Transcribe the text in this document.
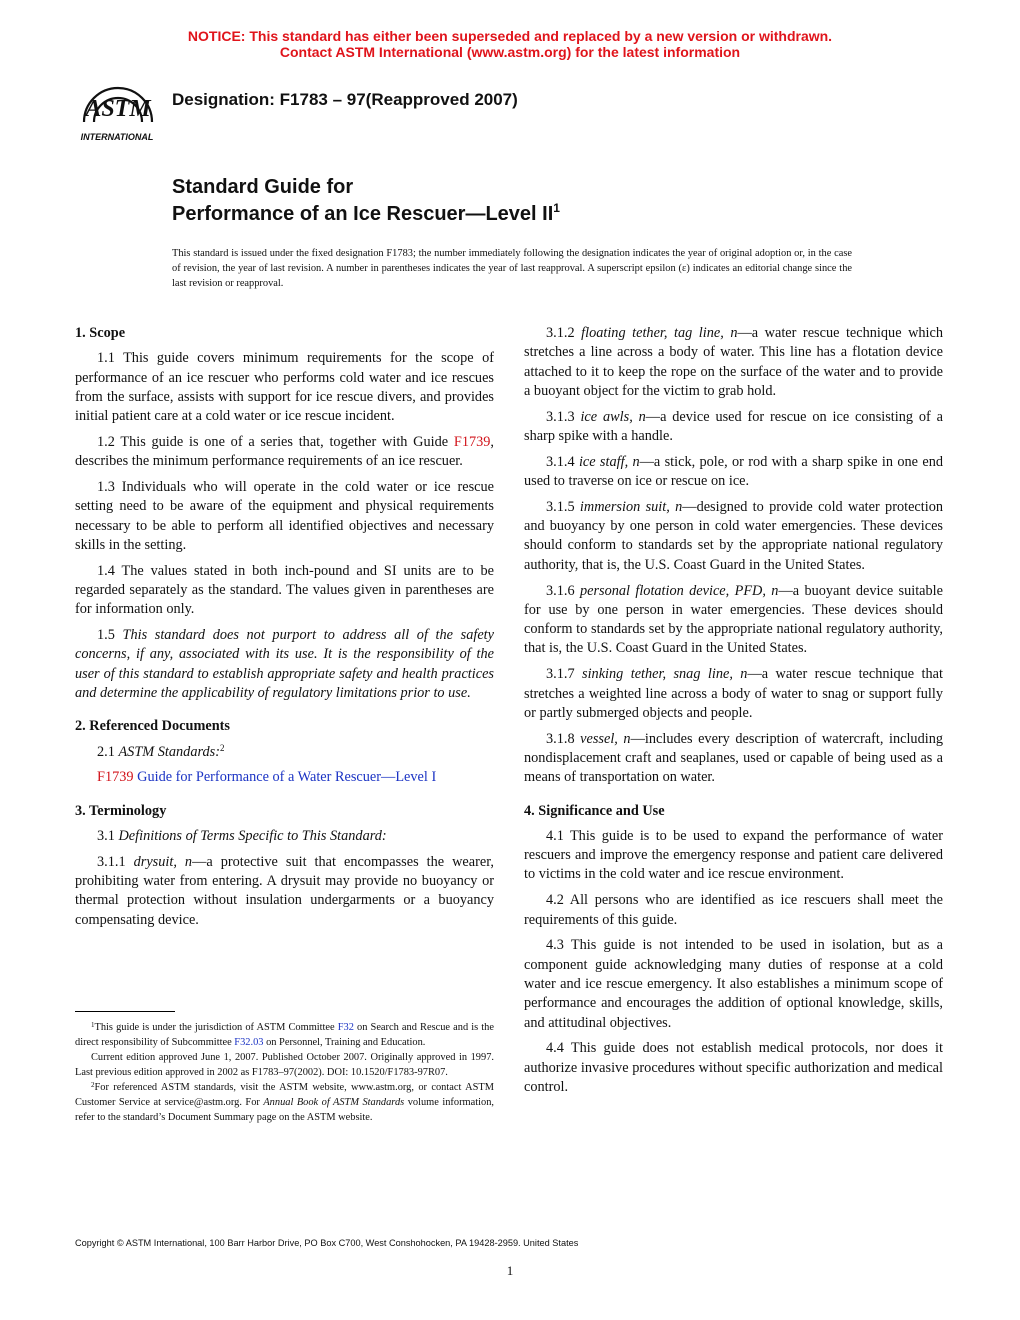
NOTICE: This standard has either been superseded and replaced by a new version or withdrawn.
Contact ASTM International (www.astm.org) for the latest information
ASTM
INTERNATIONAL
Designation: F1783 – 97(Reapproved 2007)
Standard Guide for
Performance of an Ice Rescuer—Level $II^1$
This standard is issued under the fixed designation F1783; the number immediately following the designation indicates the year of original adoption or, in the case of revision, the year of last revision. A number in parentheses indicates the year of last reapproval. A superscript epsilon (ε) indicates an editorial change since the last revision or reapproval.
1. Scope

1.1 This guide covers minimum requirements for the scope of performance of an ice rescuer who performs cold water and ice rescues from the surface, assists with support for ice rescue divers, and provides initial patient care at a cold water or ice rescue incident.

1.2 This guide is one of a series that, together with Guide F1739, describes the minimum performance requirements of an ice rescuer.

1.3 Individuals who will operate in the cold water or ice rescue setting need to be aware of the equipment and physical requirements necessary to be able to perform all identified objectives and necessary skills in the setting.

1.4 The values stated in both inch-pound and SI units are to be regarded separately as the standard. The values given in parentheses are for information only.

1.5 This standard does not purport to address all of the safety concerns, if any, associated with its use. It is the responsibility of the user of this standard to establish appropriate safety and health practices and determine the applicability of regulatory limitations prior to use.

2. Referenced Documents

2.1 ASTM Standards:$^2$

F1739 Guide for Performance of a Water Rescuer—Level I

3. Terminology

3.1 Definitions of Terms Specific to This Standard:

3.1.1 drysuit, n—a protective suit that encompasses the wearer, prohibiting water from entering. A drysuit may provide no buoyancy or thermal protection without insulation undergarments or a buoyancy compensating device.

3.1.2 floating tether, tag line, n—a water rescue technique which stretches a line across a body of water. This line has a flotation device attached to it to keep the rope on the surface of the water and to provide a buoyant object for the victim to grab hold.

3.1.3 ice awls, n—a device used for rescue on ice consisting of a sharp spike with a handle.

3.1.4 ice staff, n—a stick, pole, or rod with a sharp spike in one end used to traverse on ice or rescue on ice.

3.1.5 immersion suit, n—designed to provide cold water protection and buoyancy by one person in cold water emergencies. These devices should conform to standards set by the appropriate national regulatory authority, that is, the U.S. Coast Guard in the United States.

3.1.6 personal flotation device, PFD, n—a buoyant device suitable for use by one person in water emergencies. These devices should conform to standards set by the appropriate national regulatory authority, that is, the U.S. Coast Guard in the United States.

3.1.7 sinking tether, snag line, n—a water rescue technique that stretches a weighted line across a body of water to snag or support fully or partly submerged objects and people.

3.1.8 vessel, n—includes every description of watercraft, including nondisplacement craft and seaplanes, used or capable of being used as a means of transportation on water.

4. Significance and Use

4.1 This guide is to be used to expand the performance of water rescuers and improve the emergency response and patient care delivered to victims in the cold water and ice rescue environment.

4.2 All persons who are identified as ice rescuers shall meet the requirements of this guide.

4.3 This guide is not intended to be used in isolation, but as a component guide acknowledging many duties of response at a cold water and ice rescue emergency. It also establishes a minimum scope of performance and encourages the addition of optional knowledge, skills, and attitudinal objectives.

4.4 This guide does not establish medical protocols, nor does it authorize invasive procedures without specific authorization and medical control.

$^1$This guide is under the jurisdiction of ASTM Committee F32 on Search and Rescue and is the direct responsibility of Subcommittee F32.03 on Personnel, Training and Education.

Current edition approved June 1, 2007. Published October 2007. Originally approved in 1997. Last previous edition approved in 2002 as F1783–97(2002). DOI: 10.1520/F1783-97R07.

$^2$For referenced ASTM standards, visit the ASTM website, www.astm.org, or contact ASTM Customer Service at service@astm.org. For Annual Book of ASTM Standards volume information, refer to the standard’s Document Summary page on the ASTM website.

Copyright © ASTM International, 100 Barr Harbor Drive, PO Box C700, West Conshohocken, PA 19428-2959. United States
1
